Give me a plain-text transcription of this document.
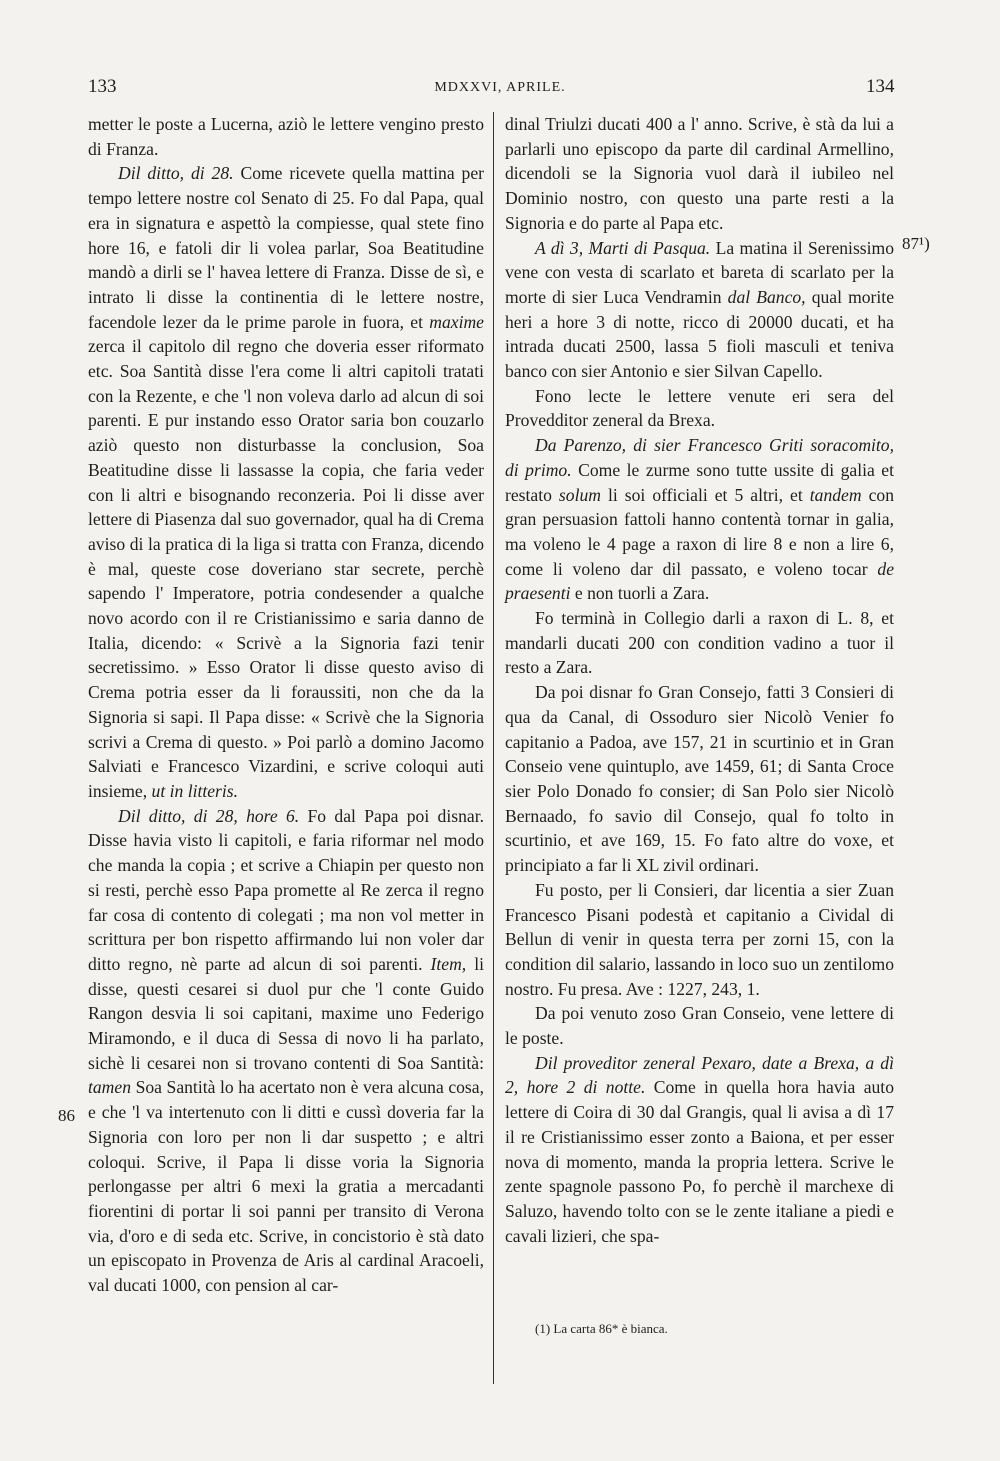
133	MDXXVI, APRILE.	134
86
87¹)

metter le poste a Lucerna, aziò le lettere vengino presto di Franza.

Dil ditto, di 28. Come ricevete quella mattina per tempo lettere nostre col Senato di 25. Fo dal Papa, qual era in signatura e aspettò la compiesse, qual stete fino hore 16, e fatoli dir li volea parlar, Soa Beatitudine mandò a dirli se l' havea lettere di Franza. Disse de sì, e intrato li disse la continentia di le lettere nostre, facendole lezer da le prime parole in fuora, et maxime zerca il capitolo dil regno che doveria esser riformato etc. Soa Santità disse l'era come li altri capitoli tratati con la Rezente, e che 'l non voleva darlo ad alcun di soi parenti. E pur instando esso Orator saria bon couzarlo aziò questo non disturbasse la conclusion, Soa Beatitudine disse li lassasse la copia, che faria veder con li altri e bisognando reconzeria. Poi li disse aver lettere di Piasenza dal suo governador, qual ha di Crema aviso di la pratica di la liga si tratta con Franza, dicendo è mal, queste cose doveriano star secrete, perchè sapendo l' Imperatore, potria condesender a qualche novo acordo con il re Cristianissimo e saria danno de Italia, dicendo: « Scrivè a la Signoria fazi tenir secretissimo. » Esso Orator li disse questo aviso di Crema potria esser da li foraussiti, non che da la Signoria si sapi. Il Papa disse: « Scrivè che la Signoria scrivi a Crema di questo. » Poi parlò a domino Jacomo Salviati e Francesco Vizardini, e scrive coloqui auti insieme, ut in litteris.

Dil ditto, di 28, hore 6. Fo dal Papa poi disnar. Disse havia visto li capitoli, e faria riformar nel modo che manda la copia ; et scrive a Chiapin per questo non si resti, perchè esso Papa promette al Re zerca il regno far cosa di contento di colegati ; ma non vol metter in scrittura per bon rispetto affirmando lui non voler dar ditto regno, nè parte ad alcun di soi parenti. Item, li disse, questi cesarei si duol pur che 'l conte Guido Rangon desvia li soi capitani, maxime uno Federigo Miramondo, e il duca di Sessa di novo li ha parlato, sichè li cesarei non si trovano contenti di Soa Santità: tamen Soa Santità lo ha acertato non è vera alcuna cosa, e che 'l va intertenuto con li ditti e cussì doveria far la Signoria con loro per non li dar suspetto ; e altri coloqui. Scrive, il Papa li disse voria la Signoria perlongasse per altri 6 mexi la gratia a mercadanti fiorentini di portar li soi panni per transito di Verona via, d'oro e di seda etc. Scrive, in concistorio è stà dato un episcopato in Provenza de Aris al cardinal Aracoeli, val ducati 1000, con pension al car-

dinal Triulzi ducati 400 a l' anno. Scrive, è stà da lui a parlarli uno episcopo da parte dil cardinal Armellino, dicendoli se la Signoria vuol darà il iubileo nel Dominio nostro, con questo una parte resti a la Signoria e do parte al Papa etc.

A dì 3, Marti di Pasqua. La matina il Serenissimo vene con vesta di scarlato et bareta di scarlato per la morte di sier Luca Vendramin dal Banco, qual morite heri a hore 3 di notte, ricco di 20000 ducati, et ha intrada ducati 2500, lassa 5 fioli masculi et teniva banco con sier Antonio e sier Silvan Capello.

Fono lecte le lettere venute eri sera del Provedditor zeneral da Brexa.

Da Parenzo, di sier Francesco Griti soracomito, di primo. Come le zurme sono tutte ussite di galia et restato solum li soi officiali et 5 altri, et tandem con gran persuasion fattoli hanno contentà tornar in galia, ma voleno le 4 page a raxon di lire 8 e non a lire 6, come li voleno dar dil passato, e voleno tocar de praesenti e non tuorli a Zara.

Fo terminà in Collegio darli a raxon di L. 8, et mandarli ducati 200 con condition vadino a tuor il resto a Zara.

Da poi disnar fo Gran Consejo, fatti 3 Consieri di qua da Canal, di Ossoduro sier Nicolò Venier fo capitanio a Padoa, ave 157, 21 in scurtinio et in Gran Conseio vene quintuplo, ave 1459, 61; di Santa Croce sier Polo Donado fo consier; di San Polo sier Nicolò Bernaado, fo savio dil Consejo, qual fo tolto in scurtinio, et ave 169, 15. Fo fato altre do voxe, et principiato a far li XL zivil ordinari.

Fu posto, per li Consieri, dar licentia a sier Zuan Francesco Pisani podestà et capitanio a Cividal di Bellun di venir in questa terra per zorni 15, con la condition dil salario, lassando in loco suo un zentilomo nostro. Fu presa. Ave : 1227, 243, 1.

Da poi venuto zoso Gran Conseio, vene lettere di le poste.

Dil proveditor zeneral Pexaro, date a Brexa, a dì 2, hore 2 di notte. Come in quella hora havia auto lettere di Coira di 30 dal Grangis, qual li avisa a dì 17 il re Cristianissimo esser zonto a Baiona, et per esser nova di momento, manda la propria lettera. Scrive le zente spagnole passono Po, fo perchè il marchexe di Saluzo, havendo tolto con se le zente italiane a piedi e cavali lizieri, che spa-

(1) La carta 86* è bianca.
